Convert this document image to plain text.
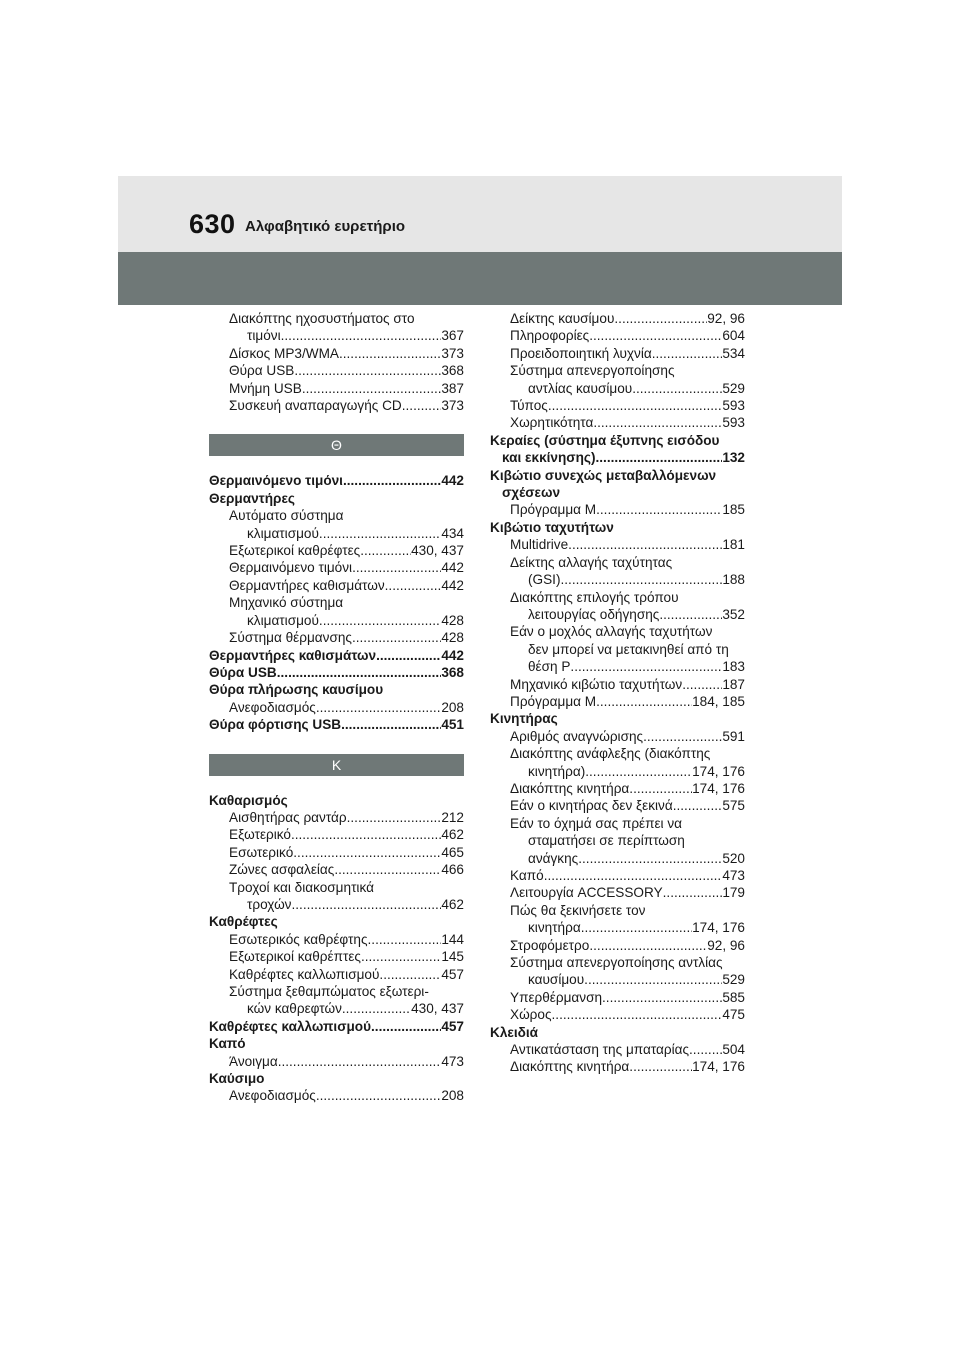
630 Αλφαβητικό ευρετήριο
Διακόπτης ηχοσυστήματος στο
τιμόνι .....	367
Δίσκος MP3/WMA .....	373
Θύρα USB .....	368
Μνήμη USB .....	387
Συσκευή αναπαραγωγής CD .....	373
Θ
Θερμαινόμενο τιμόνι .....	442
Θερμαντήρες
Αυτόματο σύστημα
κλιματισμού .....	434
Εξωτερικοί καθρέφτες .....	430, 437
Θερμαινόμενο τιμόνι .....	442
Θερμαντήρες καθισμάτων .....	442
Μηχανικό σύστημα
κλιματισμού .....	428
Σύστημα θέρμανσης .....	428
Θερμαντήρες καθισμάτων .....	442
Θύρα USB .....	368
Θύρα πλήρωσης καυσίμου
Ανεφοδιασμός .....	208
Θύρα φόρτισης USB .....	451
Κ
Καθαρισμός
Αισθητήρας ραντάρ .....	212
Εξωτερικό .....	462
Εσωτερικό .....	465
Ζώνες ασφαλείας .....	466
Τροχοί και διακοσμητικά
τροχών .....	462
Καθρέφτες
Εσωτερικός καθρέφτης .....	144
Εξωτερικοί καθρέπτες .....	145
Καθρέφτες καλλωπισμού .....	457
Σύστημα ξεθαμπώματος εξωτερι-
κών καθρεφτών .....	430, 437
Καθρέφτες καλλωπισμού .....	457
Καπό
Άνοιγμα .....	473
Καύσιμο
Ανεφοδιασμός .....	208
Δείκτης καυσίμου .....	92, 96
Πληροφορίες .....	604
Προειδοποιητική λυχνία .....	534
Σύστημα απενεργοποίησης
αντλίας καυσίμου .....	529
Τύπος .....	593
Χωρητικότητα .....	593
Κεραίες (σύστημα έξυπνης εισόδου
και εκκίνησης) .....	132
Κιβώτιο συνεχώς μεταβαλλόμενων
σχέσεων
Πρόγραμμα M .....	185
Κιβώτιο ταχυτήτων
Multidrive .....	181
Δείκτης αλλαγής ταχύτητας
(GSI) .....	188
Διακόπτης επιλογής τρόπου
λειτουργίας οδήγησης .....	352
Εάν ο μοχλός αλλαγής ταχυτήτων
δεν μπορεί να μετακινηθεί από τη
θέση P .....	183
Μηχανικό κιβώτιο ταχυτήτων .....	187
Πρόγραμμα M .....	184, 185
Κινητήρας
Αριθμός αναγνώρισης .....	591
Διακόπτης ανάφλεξης (διακόπτης
κινητήρα) .....	174, 176
Διακόπτης κινητήρα .....	174, 176
Εάν ο κινητήρας δεν ξεκινά .....	575
Εάν το όχημά σας πρέπει να
σταματήσει σε περίπτωση
ανάγκης .....	520
Καπό .....	473
Λειτουργία ACCESSORY .....	179
Πώς θα ξεκινήσετε τον
κινητήρα .....	174, 176
Στροφόμετρο .....	92, 96
Σύστημα απενεργοποίησης αντλίας
καυσίμου .....	529
Υπερθέρμανση .....	585
Χώρος .....	475
Κλειδιά
Αντικατάσταση της μπαταρίας ..... 504
Διακόπτης κινητήρα .....	174, 176
